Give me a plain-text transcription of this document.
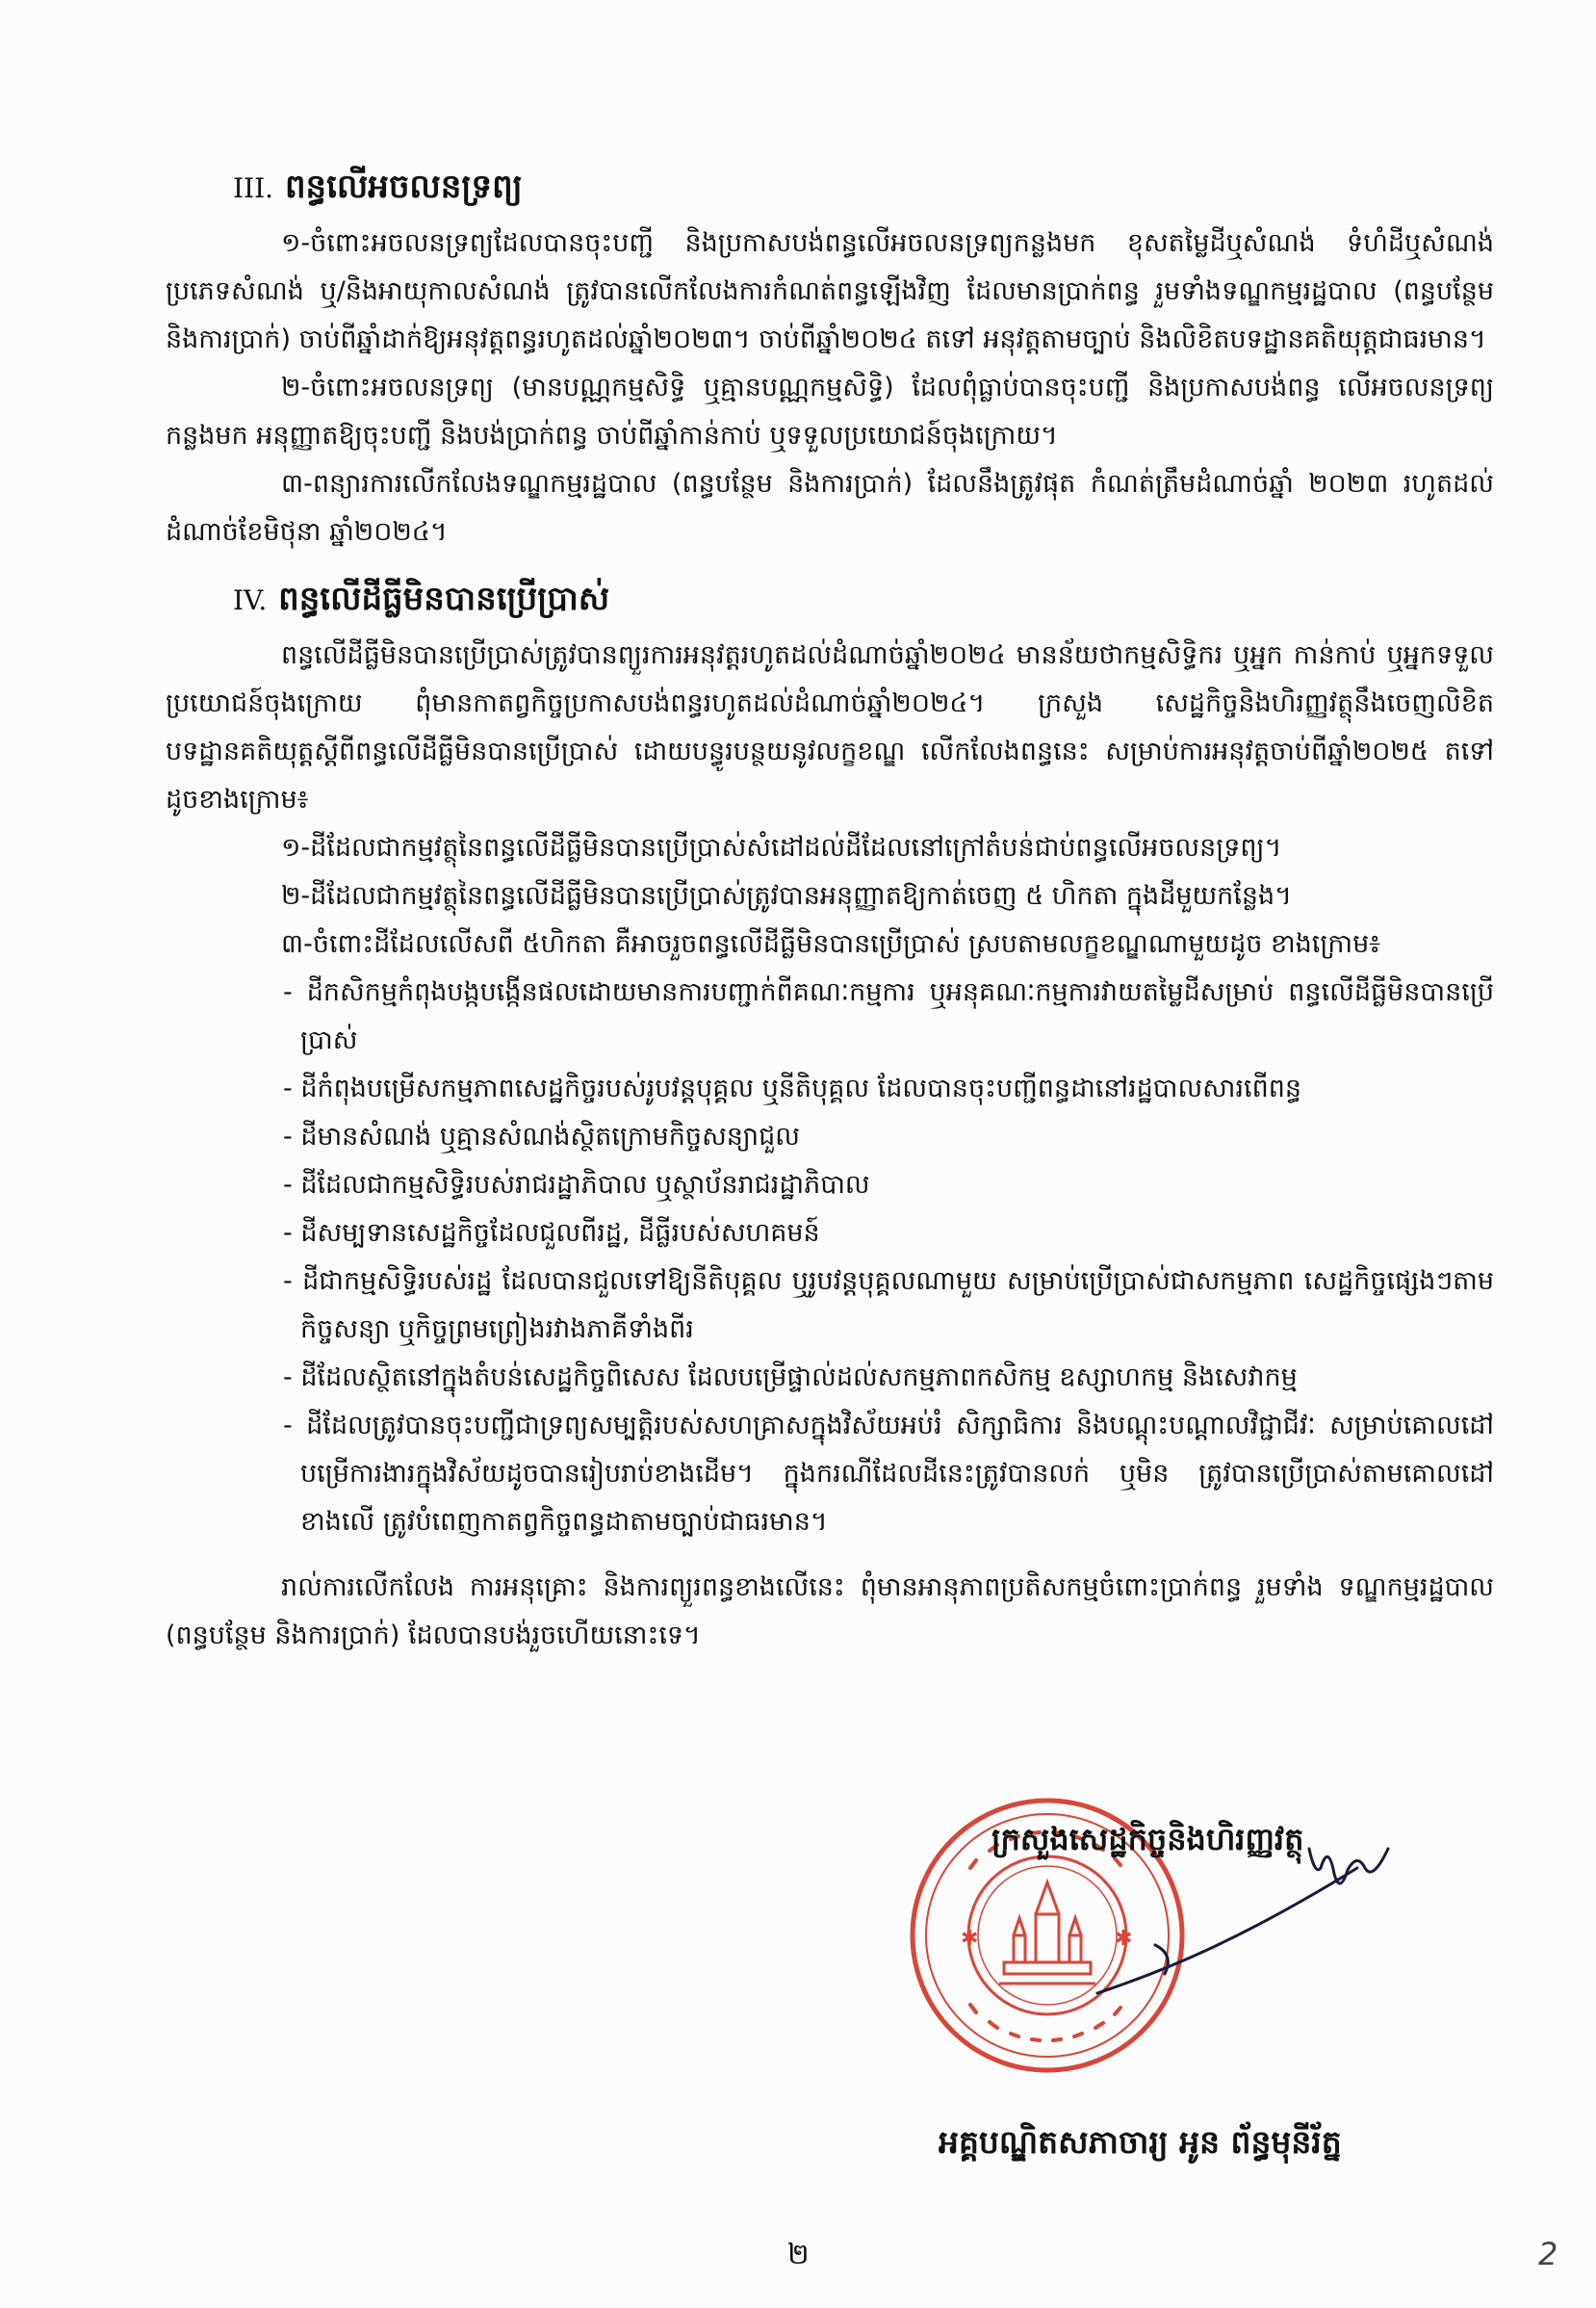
III. ពន្ធលើអចលនទ្រព្យ

១-ចំពោះអចលនទ្រព្យដែលបានចុះបញ្ជី និងប្រកាសបង់ពន្ធលើអចលនទ្រព្យកន្លងមក ខុសតម្លៃដីឬសំណង់ ទំហំដីឬសំណង់ ប្រភេទសំណង់ ឬ/និងអាយុកាលសំណង់ ត្រូវបានលើកលែងការកំណត់ពន្ធឡើងវិញ ដែលមានប្រាក់ពន្ធ រួមទាំងទណ្ឌកម្មរដ្ឋបាល (ពន្ធបន្ថែម និងការប្រាក់) ចាប់ពីឆ្នាំដាក់ឱ្យអនុវត្តពន្ធរហូតដល់ឆ្នាំ២០២៣។ ចាប់ពីឆ្នាំ២០២៤ តទៅ អនុវត្តតាមច្បាប់ និងលិខិតបទដ្ឋានគតិយុត្តជាធរមាន។

២-ចំពោះអចលនទ្រព្យ (មានបណ្ណកម្មសិទ្ធិ ឬគ្មានបណ្ណកម្មសិទ្ធិ) ដែលពុំធ្លាប់បានចុះបញ្ជី និងប្រកាសបង់ពន្ធ លើអចលនទ្រព្យកន្លងមក អនុញ្ញាតឱ្យចុះបញ្ជី និងបង់ប្រាក់ពន្ធ ចាប់ពីឆ្នាំកាន់កាប់ ឬទទួលប្រយោជន៍ចុងក្រោយ។

៣-ពន្យារការលើកលែងទណ្ឌកម្មរដ្ឋបាល (ពន្ធបន្ថែម និងការប្រាក់) ដែលនឹងត្រូវផុត កំណត់ត្រឹមដំណាច់ឆ្នាំ ២០២៣ រហូតដល់ដំណាច់ខែមិថុនា ឆ្នាំ២០២៤។

IV. ពន្ធលើដីធ្លីមិនបានប្រើប្រាស់

ពន្ធលើដីធ្លីមិនបានប្រើប្រាស់ត្រូវបានព្យួរការអនុវត្តរហូតដល់ដំណាច់ឆ្នាំ២០២៤ មានន័យថាកម្មសិទ្ធិករ ឬអ្នក កាន់កាប់ ឬអ្នកទទួលប្រយោជន៍ចុងក្រោយ ពុំមានកាតព្វកិច្ចប្រកាសបង់ពន្ធរហូតដល់ដំណាច់ឆ្នាំ២០២៤។ ក្រសួង សេដ្ឋកិច្ចនិងហិរញ្ញវត្ថុនឹងចេញលិខិតបទដ្ឋានគតិយុត្តស្ដីពីពន្ធលើដីធ្លីមិនបានប្រើប្រាស់ ដោយបន្ធូរបន្ថយនូវលក្ខខណ្ឌ លើកលែងពន្ធនេះ សម្រាប់ការអនុវត្តចាប់ពីឆ្នាំ២០២៥ តទៅ ដូចខាងក្រោម៖

១-ដីដែលជាកម្មវត្ថុនៃពន្ធលើដីធ្លីមិនបានប្រើប្រាស់សំដៅដល់ដីដែលនៅក្រៅតំបន់ជាប់ពន្ធលើអចលនទ្រព្យ។

២-ដីដែលជាកម្មវត្ថុនៃពន្ធលើដីធ្លីមិនបានប្រើប្រាស់ត្រូវបានអនុញ្ញាតឱ្យកាត់ចេញ ៥ ហិកតា ក្នុងដីមួយកន្លែង។

៣-ចំពោះដីដែលលើសពី ៥ហិកតា គឺអាចរួចពន្ធលើដីធ្លីមិនបានប្រើប្រាស់ ស្របតាមលក្ខខណ្ឌណាមួយដូច ខាងក្រោម៖

- ដីកសិកម្មកំពុងបង្កបង្កើនផលដោយមានការបញ្ជាក់ពីគណៈកម្មការ ឬអនុគណៈកម្មការវាយតម្លៃដីសម្រាប់ ពន្ធលើដីធ្លីមិនបានប្រើប្រាស់
- ដីកំពុងបម្រើសកម្មភាពសេដ្ឋកិច្ចរបស់រូបវន្តបុគ្គល ឬនីតិបុគ្គល ដែលបានចុះបញ្ជីពន្ធដានៅរដ្ឋបាលសារពើពន្ធ
- ដីមានសំណង់ ឬគ្មានសំណង់ស្ថិតក្រោមកិច្ចសន្យាជួល
- ដីដែលជាកម្មសិទ្ធិរបស់រាជរដ្ឋាភិបាល ឬស្ថាប័នរាជរដ្ឋាភិបាល
- ដីសម្បទានសេដ្ឋកិច្ចដែលជួលពីរដ្ឋ, ដីធ្លីរបស់សហគមន៍
- ដីជាកម្មសិទ្ធិរបស់រដ្ឋ ដែលបានជួលទៅឱ្យនីតិបុគ្គល ឬរូបវន្តបុគ្គលណាមួយ សម្រាប់ប្រើប្រាស់ជាសកម្មភាព សេដ្ឋកិច្ចផ្សេងៗតាមកិច្ចសន្យា ឬកិច្ចព្រមព្រៀងរវាងភាគីទាំងពីរ
- ដីដែលស្ថិតនៅក្នុងតំបន់សេដ្ឋកិច្ចពិសេស ដែលបម្រើផ្ទាល់ដល់សកម្មភាពកសិកម្ម ឧស្សាហកម្ម និងសេវាកម្ម
- ដីដែលត្រូវបានចុះបញ្ជីជាទ្រព្យសម្បត្តិរបស់សហគ្រាសក្នុងវិស័យអប់រំ សិក្សាធិការ និងបណ្ដុះបណ្ដាលវិជ្ជាជីវៈ សម្រាប់គោលដៅបម្រើការងារក្នុងវិស័យដូចបានរៀបរាប់ខាងដើម។ ក្នុងករណីដែលដីនេះត្រូវបានលក់ ឬមិន ត្រូវបានប្រើប្រាស់តាមគោលដៅខាងលើ ត្រូវបំពេញកាតព្វកិច្ចពន្ធដាតាមច្បាប់ជាធរមាន។

រាល់ការលើកលែង ការអនុគ្រោះ និងការព្យួរពន្ធខាងលើនេះ ពុំមានអានុភាពប្រតិសកម្មចំពោះប្រាក់ពន្ធ រួមទាំង ទណ្ឌកម្មរដ្ឋបាល (ពន្ធបន្ថែម និងការប្រាក់) ដែលបានបង់រួចហើយនោះទេ។

✱	✱
ក្រសួងសេដ្ឋកិច្ចនិងហិរញ្ញវត្ថុ
អគ្គបណ្ឌិតសភាចារ្យ អូន ព័ន្ធមុនីរ័ត្ន
២	2
